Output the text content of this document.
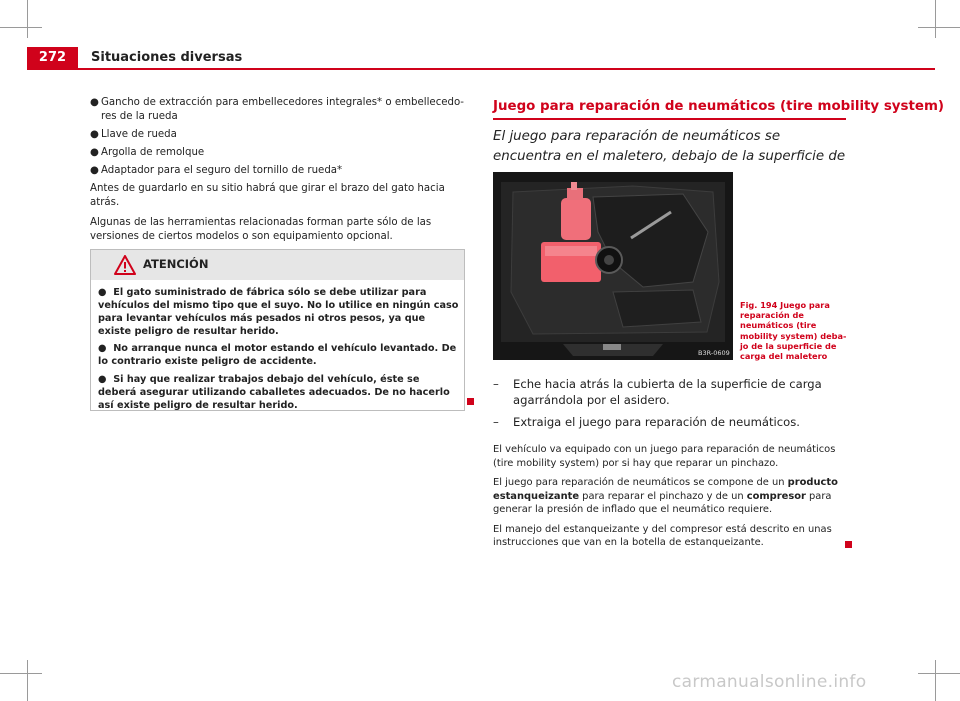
272	Situaciones diversas
● Gancho de extracción para embellecedores integrales* o embellecedores de la rueda
● Llave de rueda
● Argolla de remolque
● Adaptador para el seguro del tornillo de rueda*

Antes de guardarlo en su sitio habrá que girar el brazo del gato hacia atrás.

Algunas de las herramientas relacionadas forman parte sólo de las versiones de ciertos modelos o son equipamiento opcional.

ATENCIÓN
● El gato suministrado de fábrica sólo se debe utilizar para vehículos del mismo tipo que el suyo. No lo utilice en ningún caso para levantar vehículos más pesados ni otros pesos, ya que existe peligro de resultar herido.
● No arranque nunca el motor estando el vehículo levantado. De lo contrario existe peligro de accidente.
● Si hay que realizar trabajos debajo del vehículo, éste se deberá asegurar utilizando caballetes adecuados. De no hacerlo así existe peligro de resultar herido.
Juego para reparación de neumáticos (tire mobility system)
El juego para reparación de neumáticos se encuentra en el maletero, debajo de la superficie de
B3R-0609
Fig. 194 Juego para reparación de neumáticos (tire mobility system) debajo de la superficie de carga del maletero
– Eche hacia atrás la cubierta de la superficie de carga agarrándola por el asidero.
– Extraiga el juego para reparación de neumáticos.

El vehículo va equipado con un juego para reparación de neumáticos (tire mobility system) por si hay que reparar un pinchazo.

El juego para reparación de neumáticos se compone de un producto estanqueizante para reparar el pinchazo y de un compresor para generar la presión de inflado que el neumático requiere.

El manejo del estanqueizante y del compresor está descrito en unas instrucciones que van en la botella de estanqueizante.

carmanualsonline.info
